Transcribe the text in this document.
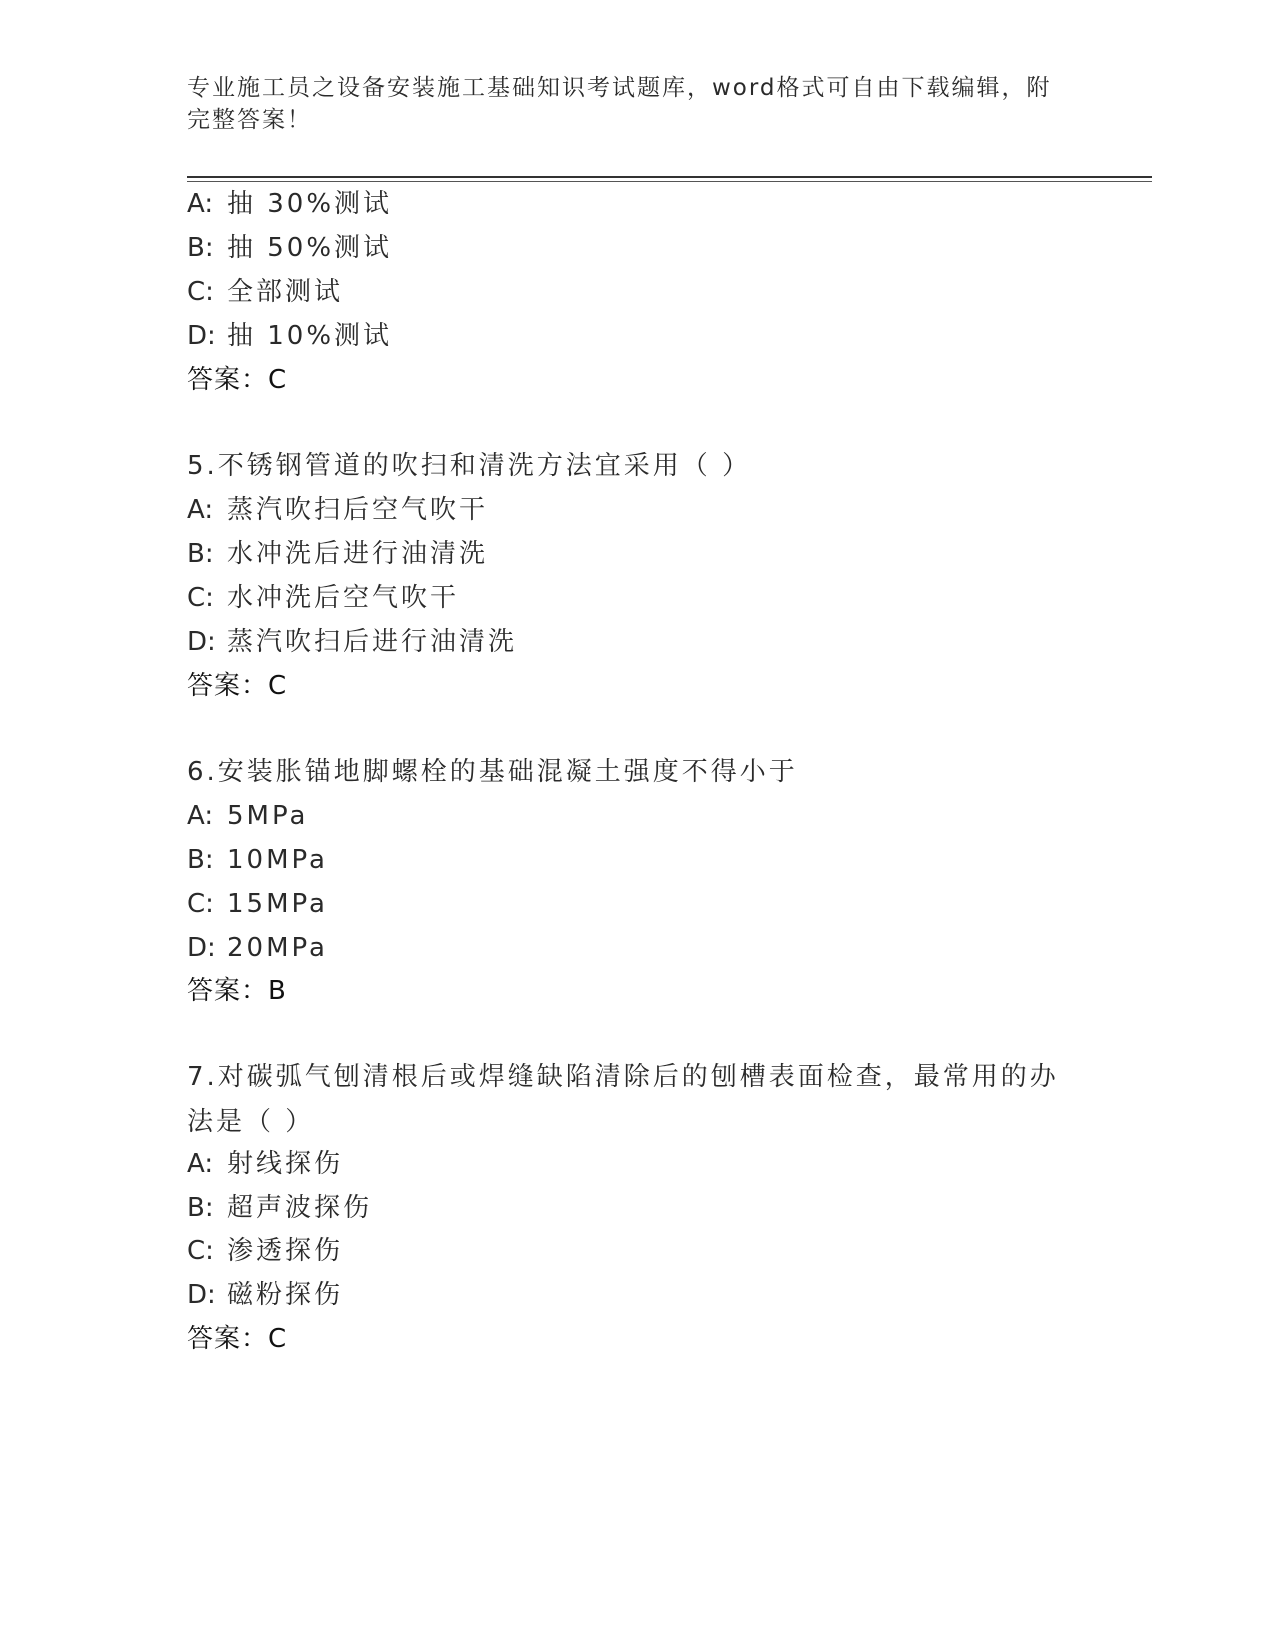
专业施工员之设备安装施工基础知识考试题库，word格式可自由下载编辑，附完整答案！
A: 抽 30%测试
B: 抽 50%测试
C: 全部测试
D: 抽 10%测试
答案：C
5.不锈钢管道的吹扫和清洗方法宜采用（ ）
A: 蒸汽吹扫后空气吹干
B: 水冲洗后进行油清洗
C: 水冲洗后空气吹干
D: 蒸汽吹扫后进行油清洗
答案：C
6.安装胀锚地脚螺栓的基础混凝土强度不得小于
A: 5MPa
B: 10MPa
C: 15MPa
D: 20MPa
答案：B
7.对碳弧气刨清根后或焊缝缺陷清除后的刨槽表面检查，最常用的办法是（ ）
A: 射线探伤
B: 超声波探伤
C: 渗透探伤
D: 磁粉探伤
答案：C
